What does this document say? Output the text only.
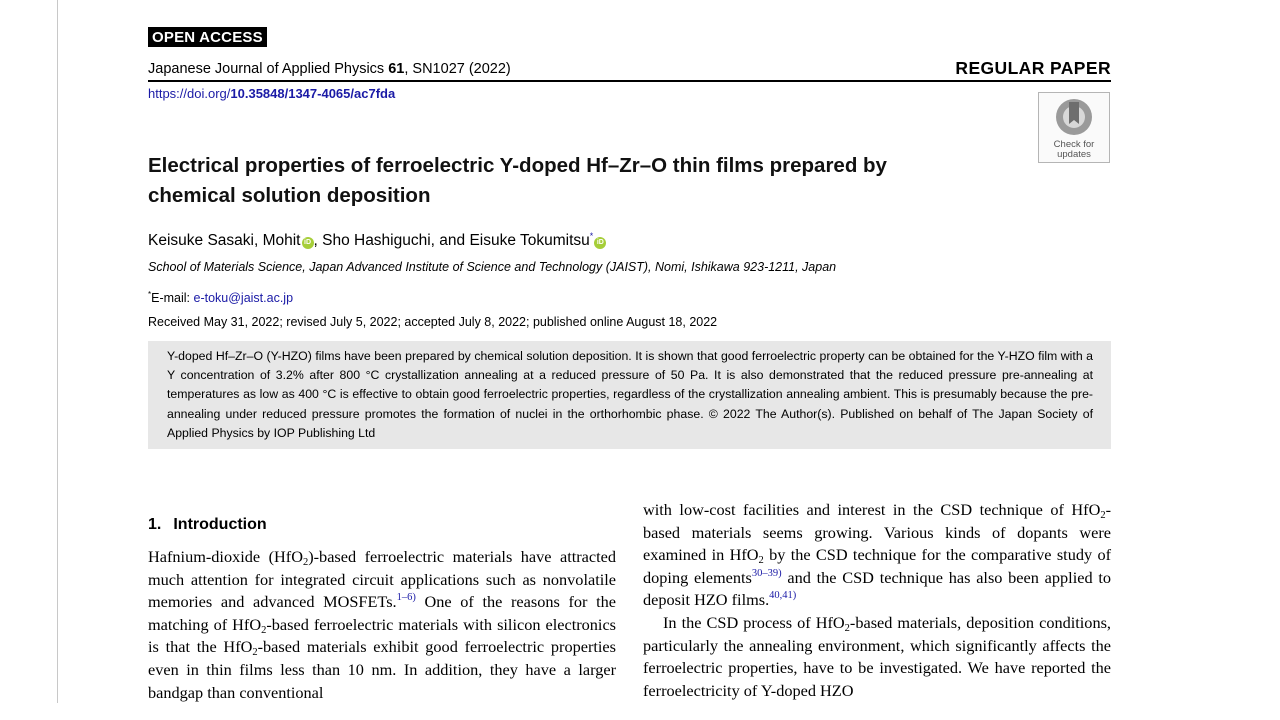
OPEN ACCESS
Japanese Journal of Applied Physics 61, SN1027 (2022)	REGULAR PAPER
https://doi.org/10.35848/1347-4065/ac7fda
Check for
updates
Electrical properties of ferroelectric Y-doped Hf–Zr–O thin films prepared by
chemical solution deposition
Keisuke Sasaki, Mohit iD , Sho Hashiguchi, and Eisuke Tokumitsu*iD
School of Materials Science, Japan Advanced Institute of Science and Technology (JAIST), Nomi, Ishikawa 923-1211, Japan
*E-mail: e-toku@jaist.ac.jp
Received May 31, 2022; revised July 5, 2022; accepted July 8, 2022; published online August 18, 2022

Y-doped Hf–Zr–O (Y-HZO) films have been prepared by chemical solution deposition. It is shown that good ferroelectric property can be obtained for the Y-HZO film with a Y concentration of 3.2% after 800 °C crystallization annealing at a reduced pressure of 50 Pa. It is also demonstrated that the reduced pressure pre-annealing at temperatures as low as 400 °C is effective to obtain good ferroelectric properties, regardless of the crystallization annealing ambient. This is presumably because the pre-annealing under reduced pressure promotes the formation of nuclei in the orthorhombic phase. © 2022 The Author(s). Published on behalf of The Japan Society of Applied Physics by IOP Publishing Ltd

1. Introduction

Hafnium-dioxide (HfO$_2$)-based ferroelectric materials have attracted much attention for integrated circuit applications such as nonvolatile memories and advanced MOSFETs.$^{1-6)}$ One of the reasons for the matching of HfO$_2$-based ferroelectric materials with silicon electronics is that the HfO$_2$-based materials exhibit good ferroelectric properties even in thin films less than 10 nm. In addition, they have a larger bandgap than conventional

with low-cost facilities and interest in the CSD technique of HfO$_2$-based materials seems growing. Various kinds of dopants were examined in HfO$_2$ by the CSD technique for the comparative study of doping elements$^{30-39)}$ and the CSD technique has also been applied to deposit HZO films.$^{40,41)}$

In the CSD process of HfO$_2$-based materials, deposition conditions, particularly the annealing environment, which significantly affects the ferroelectric properties, have to be investigated. We have reported the ferroelectricity of Y-doped HZO
